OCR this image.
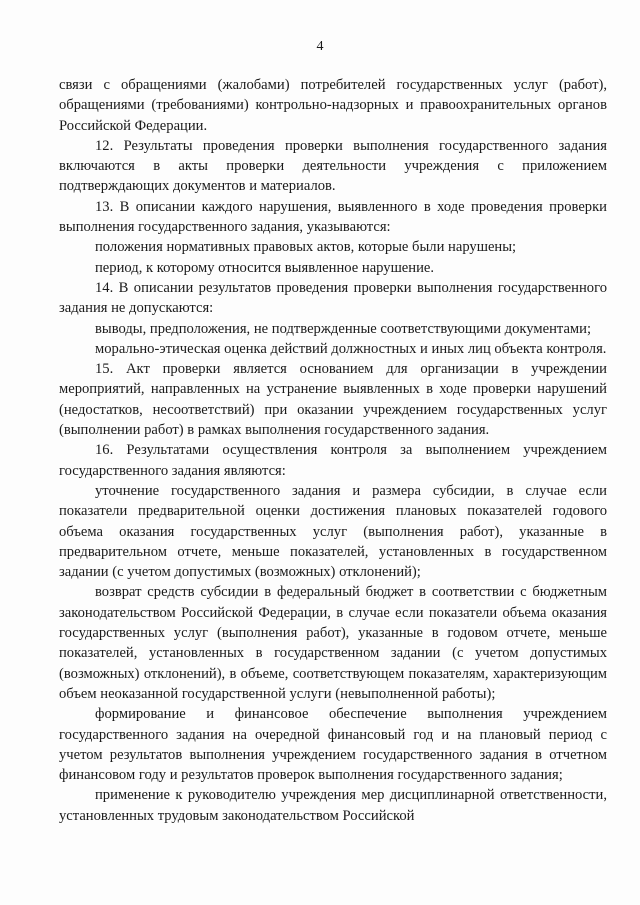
4

связи с обращениями (жалобами) потребителей государственных услуг (работ), обращениями (требованиями) контрольно-надзорных и правоохранительных органов Российской Федерации.

12. Результаты проведения проверки выполнения государственного задания включаются в акты проверки деятельности учреждения с приложением подтверждающих документов и материалов.

13. В описании каждого нарушения, выявленного в ходе проведения проверки выполнения государственного задания, указываются:

положения нормативных правовых актов, которые были нарушены;

период, к которому относится выявленное нарушение.

14. В описании результатов проведения проверки выполнения государственного задания не допускаются:

выводы, предположения, не подтвержденные соответствующими документами;

морально-этическая оценка действий должностных и иных лиц объекта контроля.

15. Акт проверки является основанием для организации в учреждении мероприятий, направленных на устранение выявленных в ходе проверки нарушений (недостатков, несоответствий) при оказании учреждением государственных услуг (выполнении работ) в рамках выполнения государственного задания.

16. Результатами осуществления контроля за выполнением учреждением государственного задания являются:

уточнение государственного задания и размера субсидии, в случае если показатели предварительной оценки достижения плановых показателей годового объема оказания государственных услуг (выполнения работ), указанные в предварительном отчете, меньше показателей, установленных в государственном задании (с учетом допустимых (возможных) отклонений);

возврат средств субсидии в федеральный бюджет в соответствии с бюджетным законодательством Российской Федерации, в случае если показатели объема оказания государственных услуг (выполнения работ), указанные в годовом отчете, меньше показателей, установленных в государственном задании (с учетом допустимых (возможных) отклонений), в объеме, соответствующем показателям, характеризующим объем неоказанной государственной услуги (невыполненной работы);

формирование и финансовое обеспечение выполнения учреждением государственного задания на очередной финансовый год и на плановый период с учетом результатов выполнения учреждением государственного задания в отчетном финансовом году и результатов проверок выполнения государственного задания;

применение к руководителю учреждения мер дисциплинарной ответственности, установленных трудовым законодательством Российской
